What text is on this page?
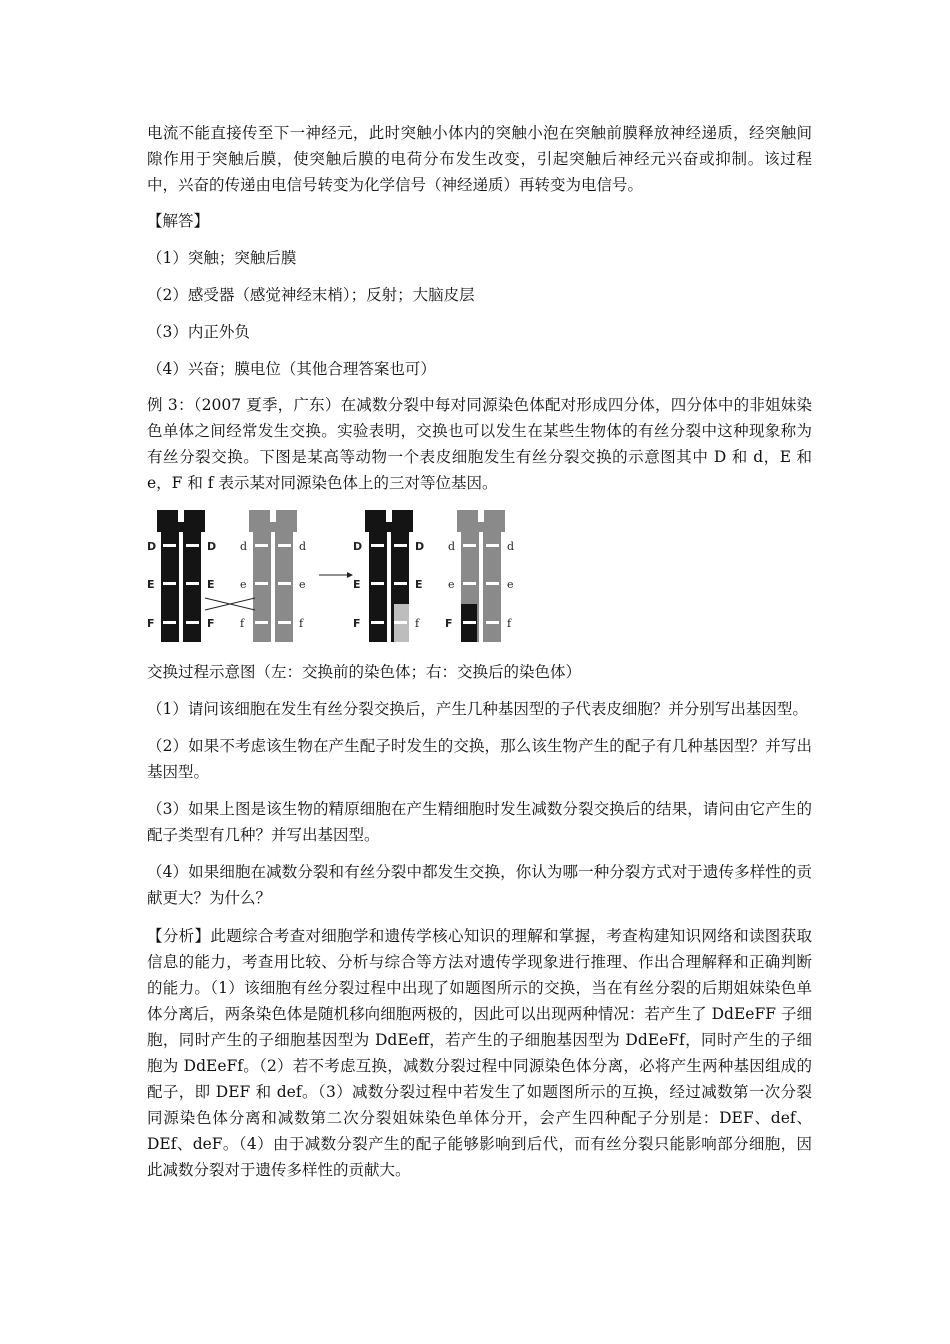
电流不能直接传至下一神经元，此时突触小体内的突触小泡在突触前膜释放神经递质，经突触间隙作用于突触后膜，使突触后膜的电荷分布发生改变，引起突触后神经元兴奋或抑制。该过程中，兴奋的传递由电信号转变为化学信号（神经递质）再转变为电信号。

【解答】

（1）突触；突触后膜

（2）感受器（感觉神经末梢）；反射；大脑皮层

（3）内正外负

（4）兴奋；膜电位（其他合理答案也可）

例 3：（2007 夏季，广东）在减数分裂中每对同源染色体配对形成四分体，四分体中的非姐妹染色单体之间经常发生交换。实验表明，交换也可以发生在某些生物体的有丝分裂中这种现象称为有丝分裂交换。下图是某高等动物一个表皮细胞发生有丝分裂交换的示意图其中 D 和 d，E 和 e，F 和 f 表示某对同源染色体上的三对等位基因。

D	D
E	E
F	F
d	d
e	e
f	f
D	D
E	E
F	f
d	d
e	e
F	f

交换过程示意图（左：交换前的染色体；右：交换后的染色体）

（1）请问该细胞在发生有丝分裂交换后，产生几种基因型的子代表皮细胞？并分别写出基因型。

（2）如果不考虑该生物在产生配子时发生的交换，那么该生物产生的配子有几种基因型？并写出基因型。

（3）如果上图是该生物的精原细胞在产生精细胞时发生减数分裂交换后的结果，请问由它产生的配子类型有几种？并写出基因型。

（4）如果细胞在减数分裂和有丝分裂中都发生交换，你认为哪一种分裂方式对于遗传多样性的贡献更大？为什么？

【分析】此题综合考查对细胞学和遗传学核心知识的理解和掌握，考查构建知识网络和读图获取信息的能力，考查用比较、分析与综合等方法对遗传学现象进行推理、作出合理解释和正确判断的能力。（1）该细胞有丝分裂过程中出现了如题图所示的交换，当在有丝分裂的后期姐妹染色单体分离后，两条染色体是随机移向细胞两极的，因此可以出现两种情况：若产生了 DdEeFF 子细胞，同时产生的子细胞基因型为 DdEeff，若产生的子细胞基因型为 DdEeFf，同时产生的子细胞为 DdEeFf。（2）若不考虑互换，减数分裂过程中同源染色体分离，必将产生两种基因组成的配子，即 DEF 和 def。（3）减数分裂过程中若发生了如题图所示的互换，经过减数第一次分裂同源染色体分离和减数第二次分裂姐妹染色单体分开，会产生四种配子分别是：DEF、def、DEf、deF。（4）由于减数分裂产生的配子能够影响到后代，而有丝分裂只能影响部分细胞，因此减数分裂对于遗传多样性的贡献大。
